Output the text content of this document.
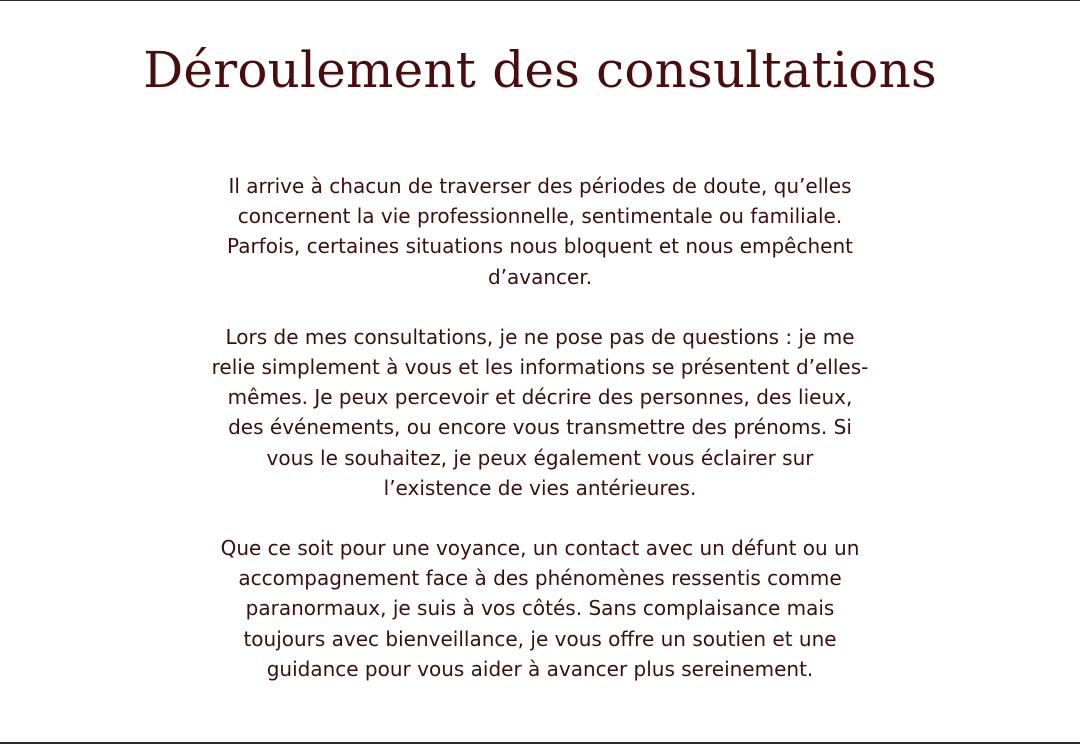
Déroulement des consultations

Il arrive à chacun de traverser des périodes de doute, qu’elles concernent la vie professionnelle, sentimentale ou familiale. Parfois, certaines situations nous bloquent et nous empêchent d’avancer.

Lors de mes consultations, je ne pose pas de questions : je me relie simplement à vous et les informations se présentent d’elles-mêmes. Je peux percevoir et décrire des personnes, des lieux, des événements, ou encore vous transmettre des prénoms. Si vous le souhaitez, je peux également vous éclairer sur l’existence de vies antérieures.

Que ce soit pour une voyance, un contact avec un défunt ou un accompagnement face à des phénomènes ressentis comme paranormaux, je suis à vos côtés. Sans complaisance mais toujours avec bienveillance, je vous offre un soutien et une guidance pour vous aider à avancer plus sereinement.
